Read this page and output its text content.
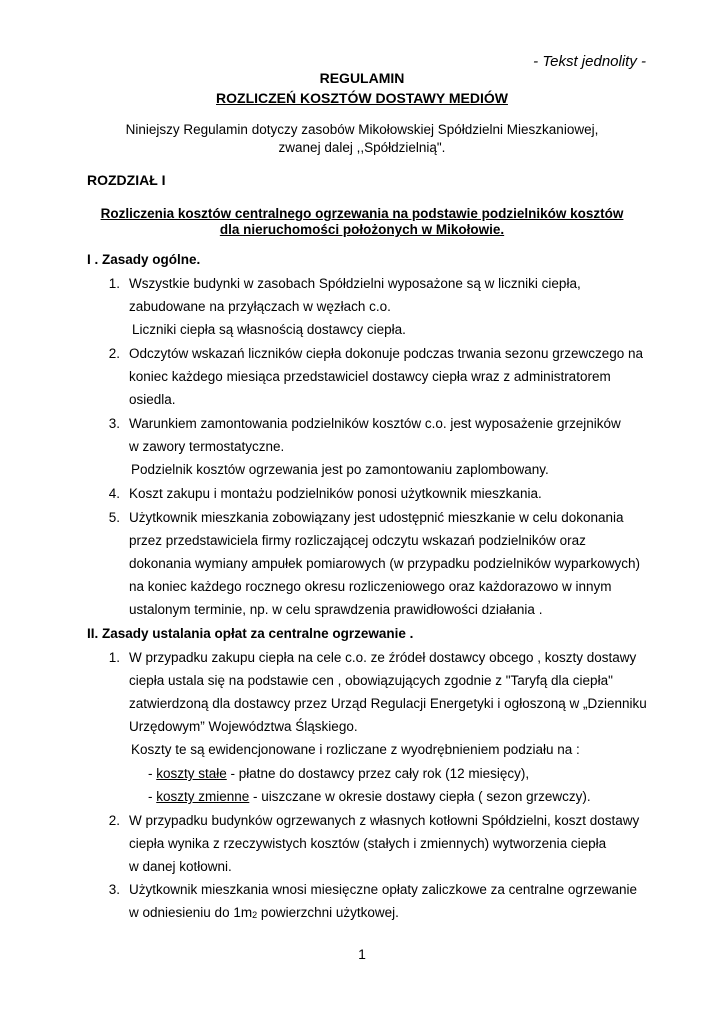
- Tekst jednolity -
REGULAMIN
ROZLICZEŃ KOSZTÓW DOSTAWY MEDIÓW
Niniejszy Regulamin dotyczy zasobów Mikołowskiej Spółdzielni Mieszkaniowej,
zwanej dalej ,,Spółdzielnią".
ROZDZIAŁ I
Rozliczenia kosztów centralnego ogrzewania na podstawie podzielników kosztów
dla nieruchomości położonych w Mikołowie.
I . Zasady ogólne.
1. Wszystkie budynki w zasobach Spółdzielni wyposażone są w liczniki ciepła,
zabudowane na przyłączach w węzłach c.o.
Liczniki ciepła są własnością dostawcy ciepła.
2. Odczytów wskazań liczników ciepła dokonuje podczas trwania sezonu grzewczego na
koniec każdego miesiąca przedstawiciel dostawcy ciepła wraz z administratorem
osiedla.
3. Warunkiem zamontowania podzielników kosztów c.o. jest wyposażenie grzejników
w zawory termostatyczne.
Podzielnik kosztów ogrzewania jest po zamontowaniu zaplombowany.
4. Koszt zakupu i montażu podzielników ponosi użytkownik mieszkania.
5. Użytkownik mieszkania zobowiązany jest udostępnić mieszkanie w celu dokonania
przez przedstawiciela firmy rozliczającej odczytu wskazań podzielników oraz
dokonania wymiany ampułek pomiarowych (w przypadku podzielników wyparkowych)
na koniec każdego rocznego okresu rozliczeniowego oraz każdorazowo w innym
ustalonym terminie, np. w celu sprawdzenia prawidłowości działania .
II. Zasady ustalania opłat za centralne ogrzewanie .
1. W przypadku zakupu ciepła na cele c.o. ze źródeł dostawcy obcego , koszty dostawy
ciepła ustala się na podstawie cen , obowiązujących zgodnie z "Taryfą dla ciepła"
zatwierdzoną dla dostawcy przez Urząd Regulacji Energetyki i ogłoszoną w „Dzienniku
Urzędowym” Województwa Śląskiego.
Koszty te są ewidencjonowane i rozliczane z wyodrębnieniem podziału na :
- koszty stałe - płatne do dostawcy przez cały rok (12 miesięcy),
- koszty zmienne - uiszczane w okresie dostawy ciepła ( sezon grzewczy).
2. W przypadku budynków ogrzewanych z własnych kotłowni Spółdzielni, koszt dostawy
ciepła wynika z rzeczywistych kosztów (stałych i zmiennych) wytworzenia ciepła
w danej kotłowni.
3. Użytkownik mieszkania wnosi miesięczne opłaty zaliczkowe za centralne ogrzewanie
w odniesieniu do $1m_2$ powierzchni użytkowej.
1
